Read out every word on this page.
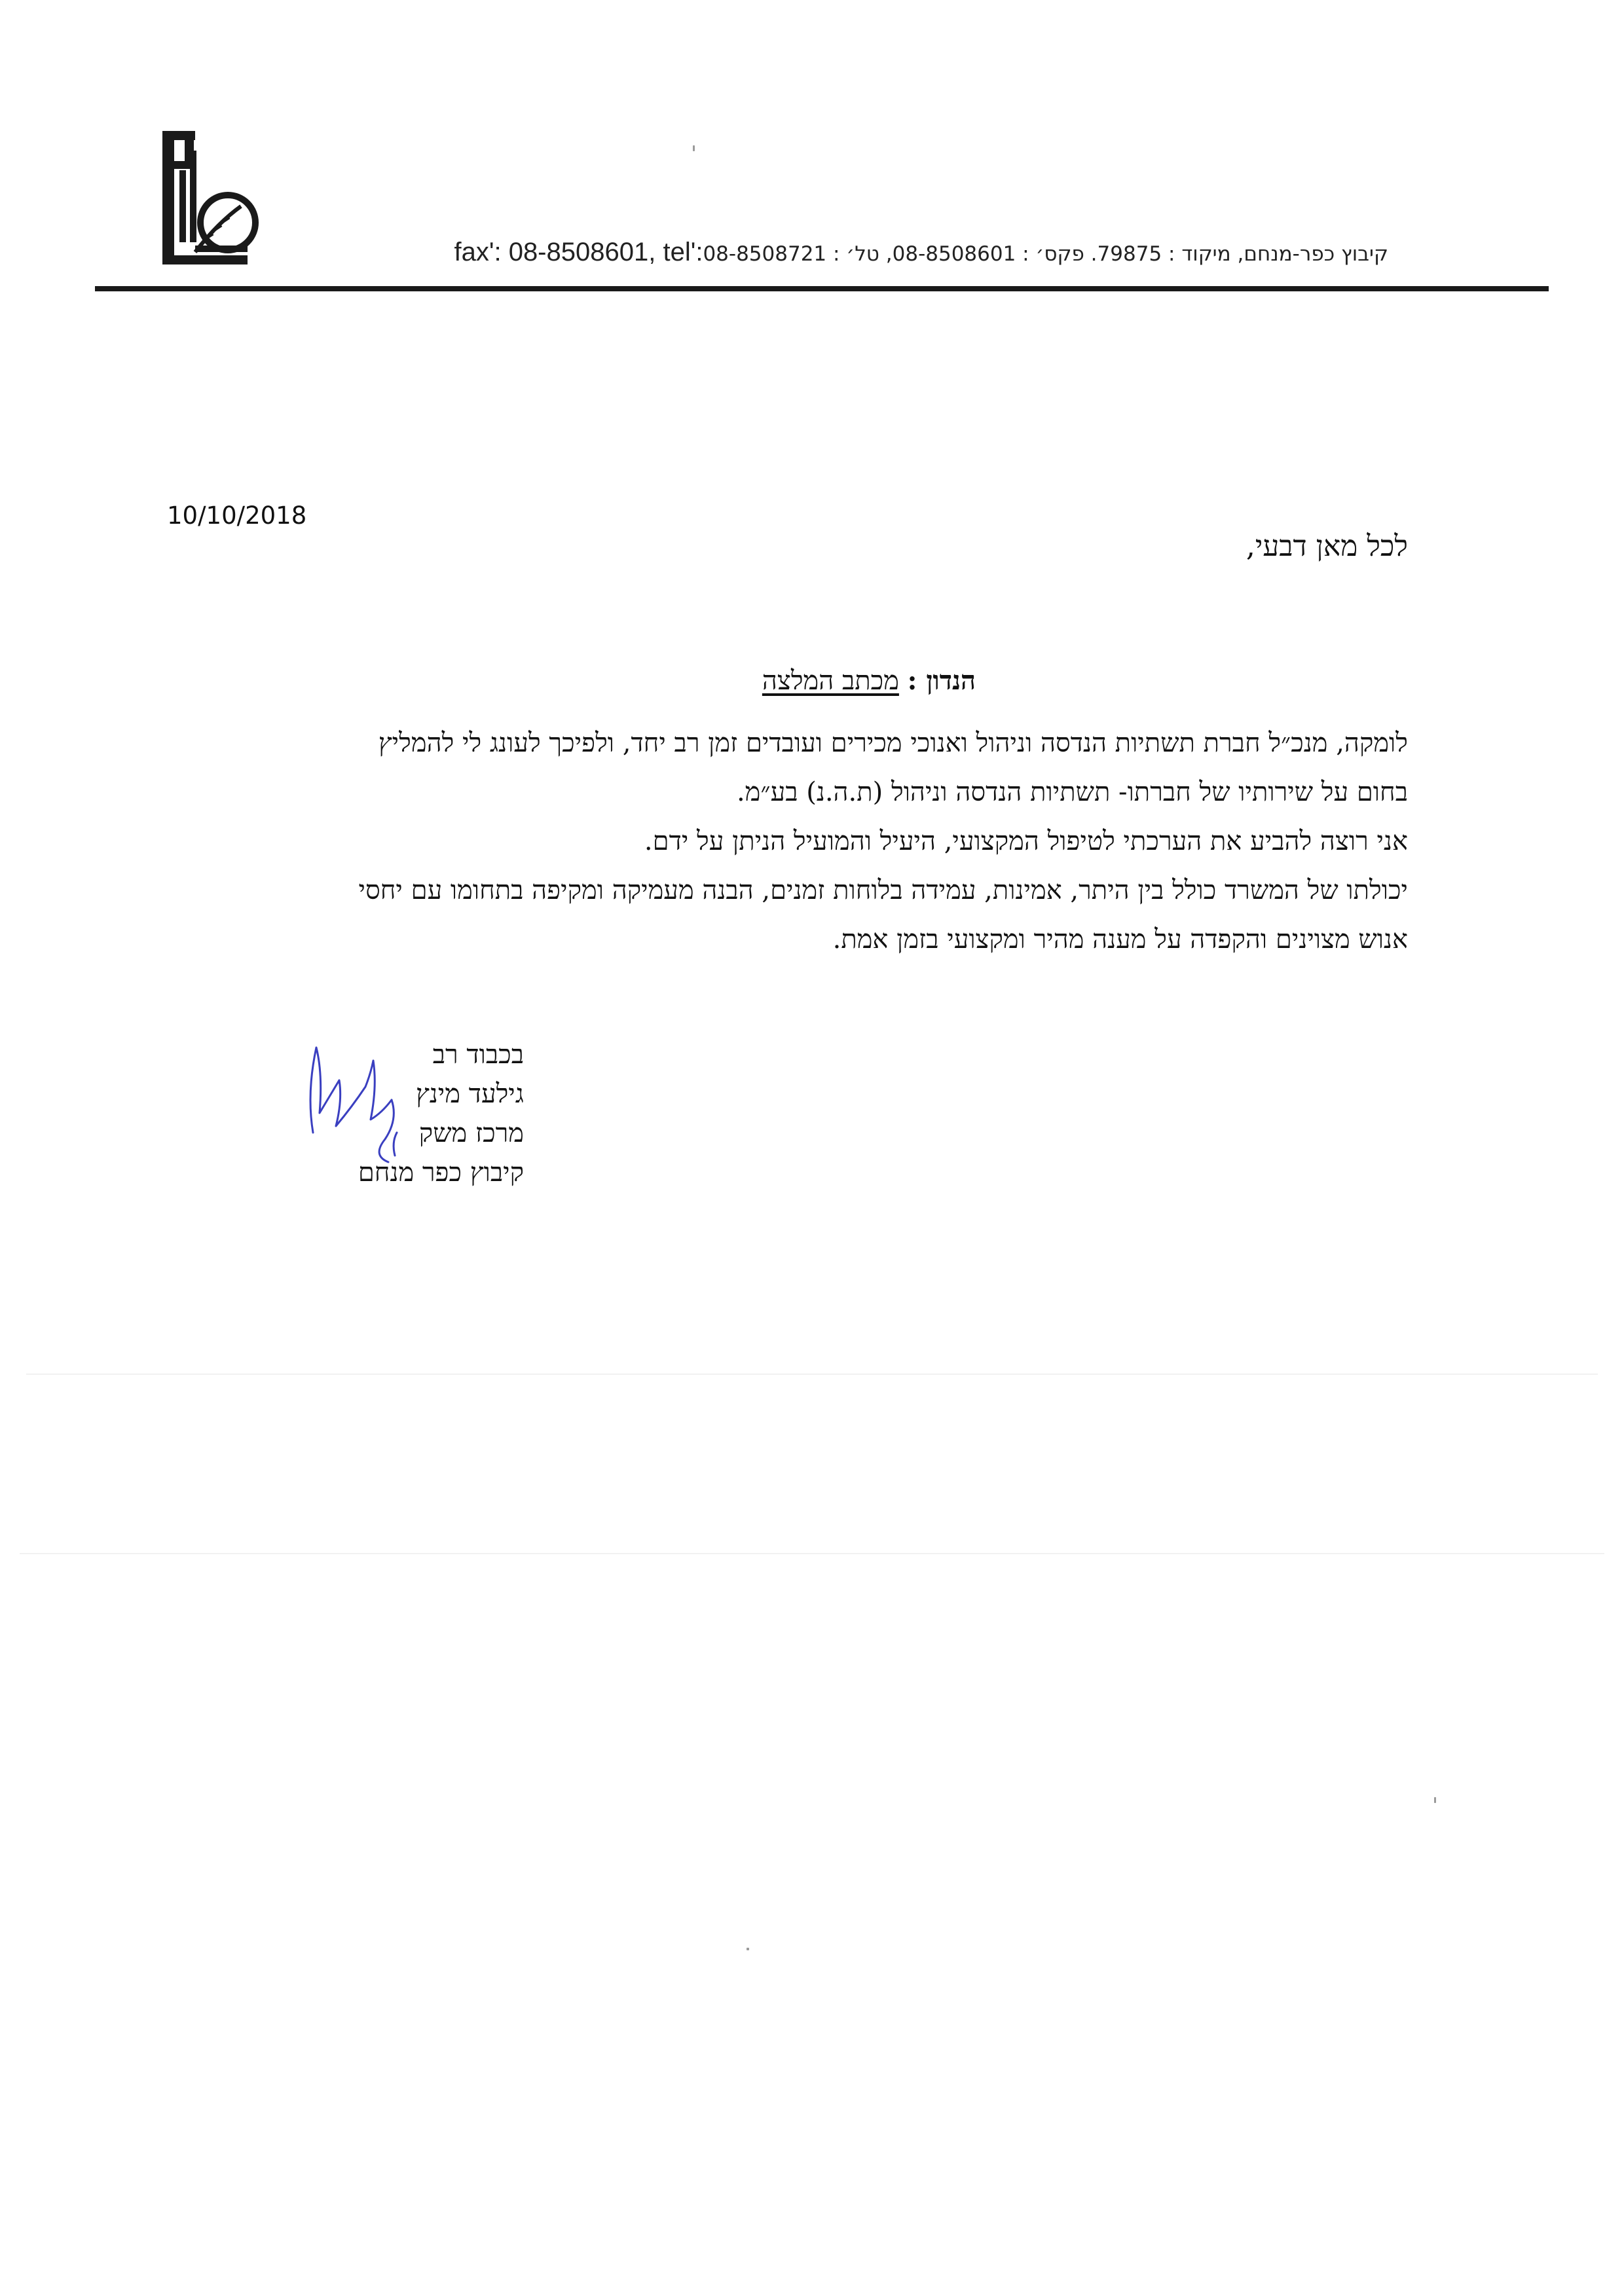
קיבוץ כפר-מנחם, מיקוד : 79875. פקס׳ : 08-8508601, טל׳ : 08-8508721fax': 08-8508601, tel':
10/10/2018
לכל מאן דבעי,
הנדון : מכתב המלצה
לומקה, מנכ״ל חברת תשתיות הנדסה וניהול ואנוכי מכירים ועובדים זמן רב יחד, ולפיכך לעונג לי להמליץ
בחום על שירותיו של חברתו- תשתיות הנדסה וניהול (ת.ה.נ) בע״מ.
אני רוצה להביע את הערכתי לטיפול המקצועי, היעיל והמועיל הניתן על ידם.
יכולתו של המשרד כולל בין היתר, אמינות, עמידה בלוחות זמנים, הבנה מעמיקה ומקיפה בתחומו עם יחסי
אנוש מצוינים והקפדה על מענה מהיר ומקצועי בזמן אמת.
בכבוד רב
גילעד מינץ
מרכז משק
קיבוץ כפר מנחם
